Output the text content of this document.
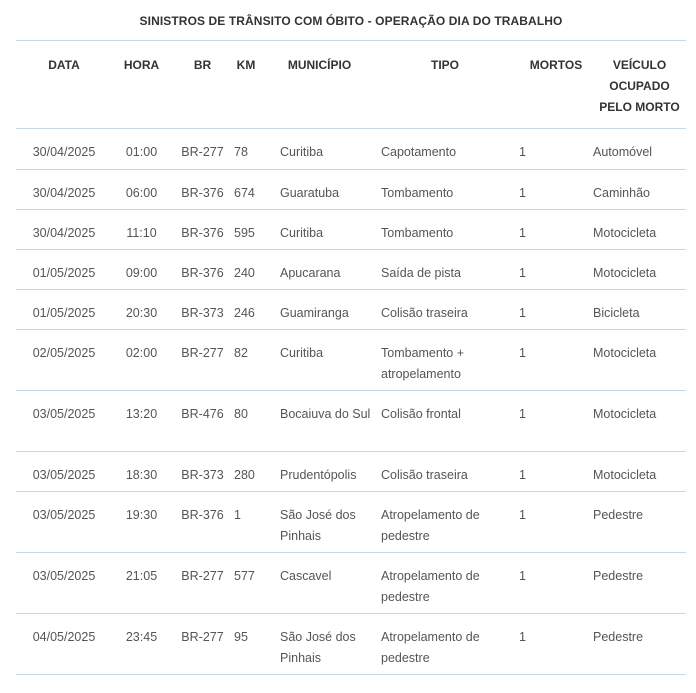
SINISTROS DE TRÂNSITO COM ÓBITO - OPERAÇÃO DIA DO TRABALHO
DATA	HORA	BR	KM	MUNICÍPIO	TIPO	MORTOS	VEÍCULO OCUPADO PELO MORTO
30/04/2025	01:00	BR-277	78	Curitiba	Capotamento	1	Automóvel
30/04/2025	06:00	BR-376	674	Guaratuba	Tombamento	1	Caminhão
30/04/2025	11:10	BR-376	595	Curitiba	Tombamento	1	Motocicleta
01/05/2025	09:00	BR-376	240	Apucarana	Saída de pista	1	Motocicleta
01/05/2025	20:30	BR-373	246	Guamiranga	Colisão traseira	1	Bicicleta
02/05/2025	02:00	BR-277	82	Curitiba	Tombamento + atropelamento	1	Motocicleta
03/05/2025	13:20	BR-476	80	Bocaiuva do Sul	Colisão frontal	1	Motocicleta
03/05/2025	18:30	BR-373	280	Prudentópolis	Colisão traseira	1	Motocicleta
03/05/2025	19:30	BR-376	1	São José dos Pinhais	Atropelamento de pedestre	1	Pedestre
03/05/2025	21:05	BR-277	577	Cascavel	Atropelamento de pedestre	1	Pedestre
04/05/2025	23:45	BR-277	95	São José dos Pinhais	Atropelamento de pedestre	1	Pedestre
